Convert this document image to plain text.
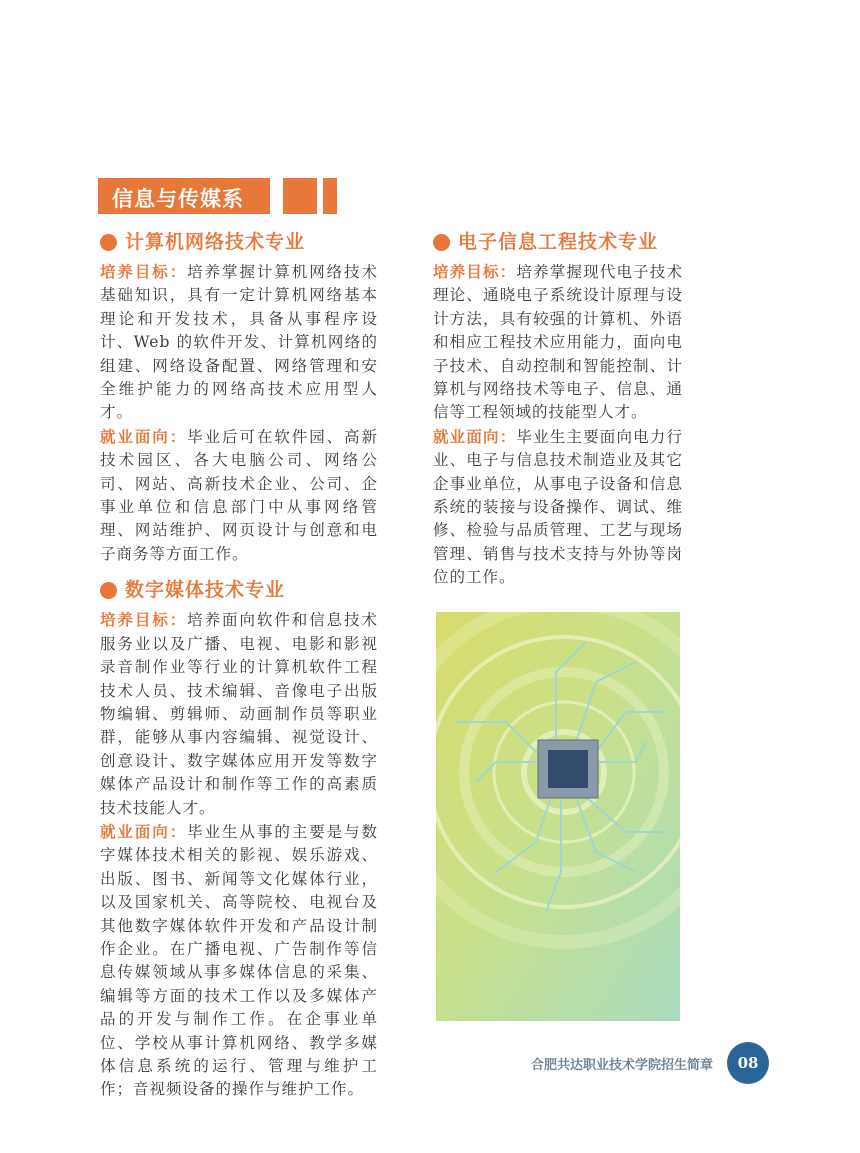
信息与传媒系
计算机网络技术专业

培养目标：培养掌握计算机网络技术基础知识，具有一定计算机网络基本理论和开发技术，具备从事程序设计、Web 的软件开发、计算机网络的组建、网络设备配置、网络管理和安全维护能力的网络高技术应用型人才。

就业面向：毕业后可在软件园、高新技术园区、各大电脑公司、网络公司、网站、高新技术企业、公司、企事业单位和信息部门中从事网络管理、网站维护、网页设计与创意和电子商务等方面工作。

数字媒体技术专业

培养目标：培养面向软件和信息技术服务业以及广播、电视、电影和影视录音制作业等行业的计算机软件工程技术人员、技术编辑、音像电子出版物编辑、剪辑师、动画制作员等职业群，能够从事内容编辑、视觉设计、创意设计、数字媒体应用开发等数字媒体产品设计和制作等工作的高素质技术技能人才。

就业面向：毕业生从事的主要是与数字媒体技术相关的影视、娱乐游戏、出版、图书、新闻等文化媒体行业，以及国家机关、高等院校、电视台及其他数字媒体软件开发和产品设计制作企业。在广播电视、广告制作等信息传媒领域从事多媒体信息的采集、编辑等方面的技术工作以及多媒体产品的开发与制作工作。在企事业单位、学校从事计算机网络、教学多媒体信息系统的运行、管理与维护工作；音视频设备的操作与维护工作。

电子信息工程技术专业

培养目标：培养掌握现代电子技术理论、通晓电子系统设计原理与设计方法，具有较强的计算机、外语和相应工程技术应用能力，面向电子技术、自动控制和智能控制、计算机与网络技术等电子、信息、通信等工程领域的技能型人才。

就业面向：毕业生主要面向电力行业、电子与信息技术制造业及其它企事业单位，从事电子设备和信息系统的装接与设备操作、调试、维修、检验与品质管理、工艺与现场管理、销售与技术支持与外协等岗位的工作。

合肥共达职业技术学院招生简章	08
